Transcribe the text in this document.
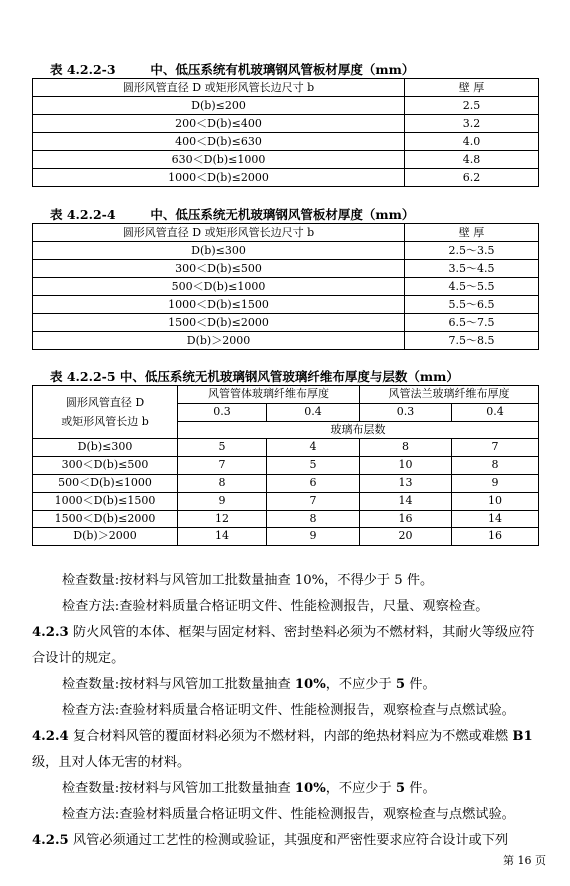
表 4.2.2-3	中、低压系统有机玻璃钢风管板材厚度（mm）
圆形风管直径 D 或矩形风管长边尺寸 b	壁 厚
D(b)≤200	2.5
200＜D(b)≤400	3.2
400＜D(b)≤630	4.0
630＜D(b)≤1000	4.8
1000＜D(b)≤2000	6.2
表 4.2.2-4	中、低压系统无机玻璃钢风管板材厚度（mm）
圆形风管直径 D 或矩形风管长边尺寸 b	壁 厚
D(b)≤300	2.5～3.5
300＜D(b)≤500	3.5～4.5
500＜D(b)≤1000	4.5～5.5
1000＜D(b)≤1500	5.5～6.5
1500＜D(b)≤2000	6.5～7.5
D(b)＞2000	7.5～8.5
表 4.2.2-5 中、低压系统无机玻璃钢风管玻璃纤维布厚度与层数（mm）
圆形风管直径 D
或矩形风管长边 b	风管管体玻璃纤维布厚度		风管法兰玻璃纤维布厚度	
	0.3	0.4	0.3	0.4
	玻璃布层数			
D(b)≤300	5	4	8	7
300＜D(b)≤500	7	5	10	8
500＜D(b)≤1000	8	6	13	9
1000＜D(b)≤1500	9	7	14	10
1500＜D(b)≤2000	12	8	16	14
D(b)＞2000	14	9	20	16

检查数量:按材料与风管加工批数量抽查 10%，不得少于 5 件。

检查方法:查验材料质量合格证明文件、性能检测报告，尺量、观察检查。

4.2.3 防火风管的本体、框架与固定材料、密封垫料必须为不燃材料，其耐火等级应符合设计的规定。

检查数量:按材料与风管加工批数量抽查 10%，不应少于 5 件。

检查方法:查验材料质量合格证明文件、性能检测报告，观察检查与点燃试验。

4.2.4 复合材料风管的覆面材料必须为不燃材料，内部的绝热材料应为不燃或难燃 B1 级，且对人体无害的材料。

检查数量:按材料与风管加工批数量抽查 10%，不应少于 5 件。

检查方法:查验材料质量合格证明文件、性能检测报告，观察检查与点燃试验。

4.2.5 风管必须通过工艺性的检测或验证，其强度和严密性要求应符合设计或下列

第 16 页
